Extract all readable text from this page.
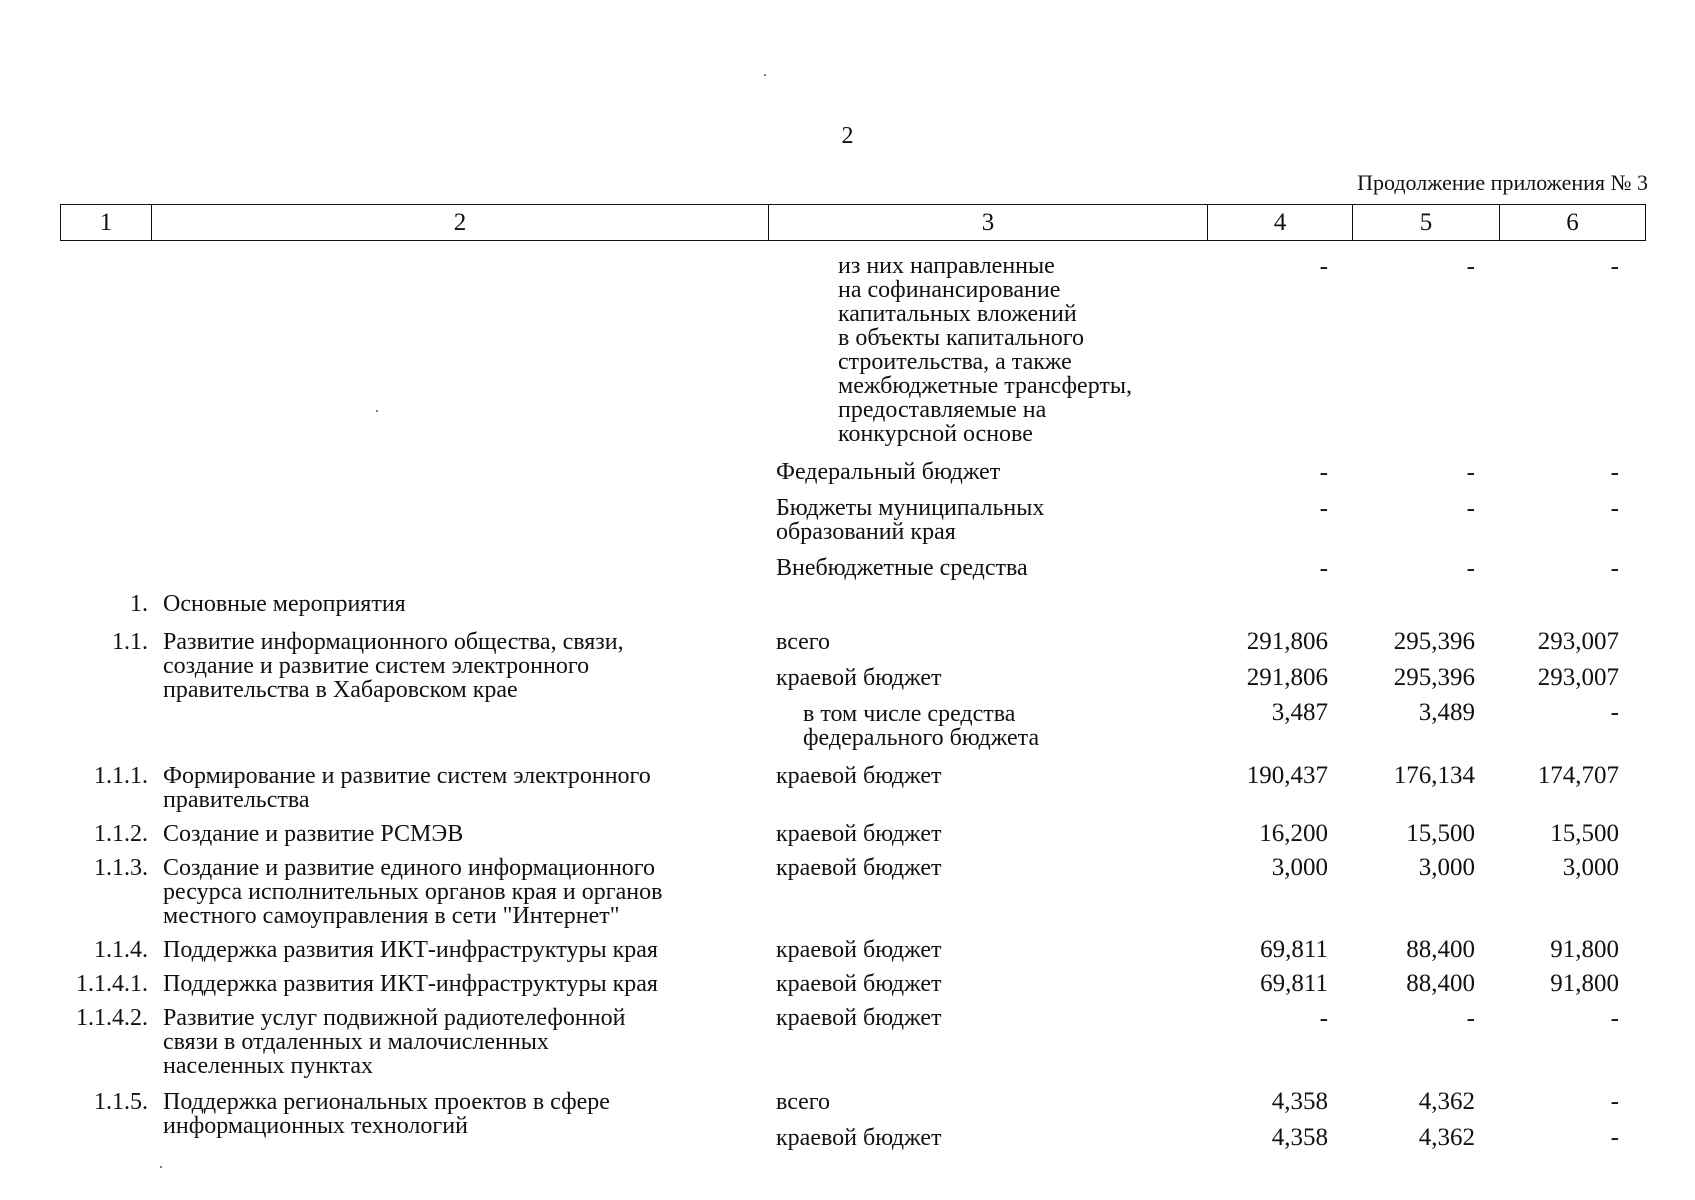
2
Продолжение приложения № 3
1	2	3	4	5	6
из них направленные
на софинансирование
капитальных вложений
в объекты капитального
строительства, а также
межбюджетные трансферты,
предоставляемые на
конкурсной основе
-	-	-
Федеральный бюджет	-	-	-
Бюджеты муниципальных
образований края
-	-	-
Внебюджетные средства	-	-	-
1. Основные мероприятия
1.1. Развитие информационного общества, связи,
создание и развитие систем электронного
правительства в Хабаровском крае
всего	291,806	295,396	293,007
краевой бюджет	291,806	295,396	293,007
в том числе средства
федерального бюджета
3,487	3,489	-
1.1.1. Формирование и развитие систем электронного
правительства
краевой бюджет	190,437	176,134	174,707
1.1.2. Создание и развитие РСМЭВ	краевой бюджет	16,200	15,500	15,500
1.1.3. Создание и развитие единого информационного
ресурса исполнительных органов края и органов
местного самоуправления в сети "Интернет"
краевой бюджет	3,000	3,000	3,000
1.1.4. Поддержка развития ИКТ-инфраструктуры края	краевой бюджет	69,811	88,400	91,800
1.1.4.1. Поддержка развития ИКТ-инфраструктуры края	краевой бюджет	69,811	88,400	91,800
1.1.4.2. Развитие услуг подвижной радиотелефонной
связи в отдаленных и малочисленных
населенных пунктах
краевой бюджет	-	-	-
1.1.5. Поддержка региональных проектов в сфере
информационных технологий
всего	4,358	4,362	-
краевой бюджет	4,358	4,362	-
